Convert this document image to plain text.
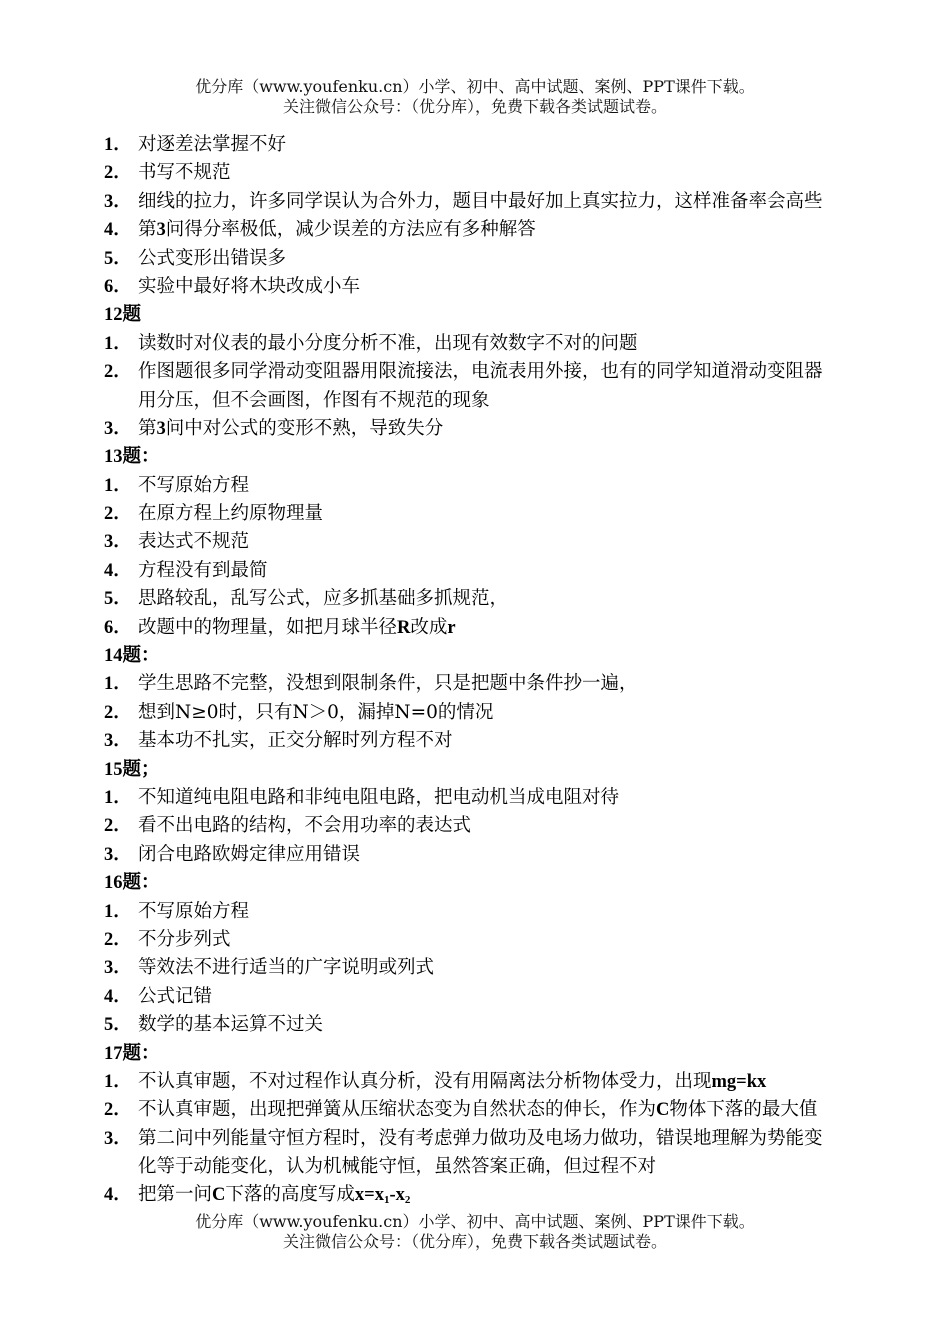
优分库（www.youfenku.cn）小学、初中、高中试题、案例、PPT课件下载。
关注微信公众号：（优分库），免费下载各类试题试卷。
1． 对逐差法掌握不好
2． 书写不规范
3． 细线的拉力，许多同学误认为合外力，题目中最好加上真实拉力，这样准备率会高些
4． 第3问得分率极低，减少误差的方法应有多种解答
5． 公式变形出错误多
6． 实验中最好将木块改成小车
12题
1． 读数时对仪表的最小分度分析不准，出现有效数字不对的问题
2． 作图题很多同学滑动变阻器用限流接法，电流表用外接，也有的同学知道滑动变阻器
用分压，但不会画图，作图有不规范的现象
3． 第3问中对公式的变形不熟，导致失分
13题：
1． 不写原始方程
2． 在原方程上约原物理量
3． 表达式不规范
4． 方程没有到最简
5． 思路较乱，乱写公式，应多抓基础多抓规范，
6． 改题中的物理量，如把月球半径R改成r
14题：
1． 学生思路不完整，没想到限制条件，只是把题中条件抄一遍，
2． 想到N≥0时，只有N＞0，漏掉N=0的情况
3． 基本功不扎实，正交分解时列方程不对
15题；
1． 不知道纯电阻电路和非纯电阻电路，把电动机当成电阻对待
2． 看不出电路的结构，不会用功率的表达式
3． 闭合电路欧姆定律应用错误
16题：
1． 不写原始方程
2． 不分步列式
3． 等效法不进行适当的广字说明或列式
4． 公式记错
5． 数学的基本运算不过关
17题：
1． 不认真审题，不对过程作认真分析，没有用隔离法分析物体受力，出现mg=kx
2． 不认真审题，出现把弹簧从压缩状态变为自然状态的伸长，作为C物体下落的最大值
3． 第二问中列能量守恒方程时，没有考虑弹力做功及电场力做功，错误地理解为势能变
化等于动能变化，认为机械能守恒，虽然答案正确，但过程不对
4． 把第一问C下落的高度写成$x=x_1-x_2$
优分库（www.youfenku.cn）小学、初中、高中试题、案例、PPT课件下载。
关注微信公众号：（优分库），免费下载各类试题试卷。
